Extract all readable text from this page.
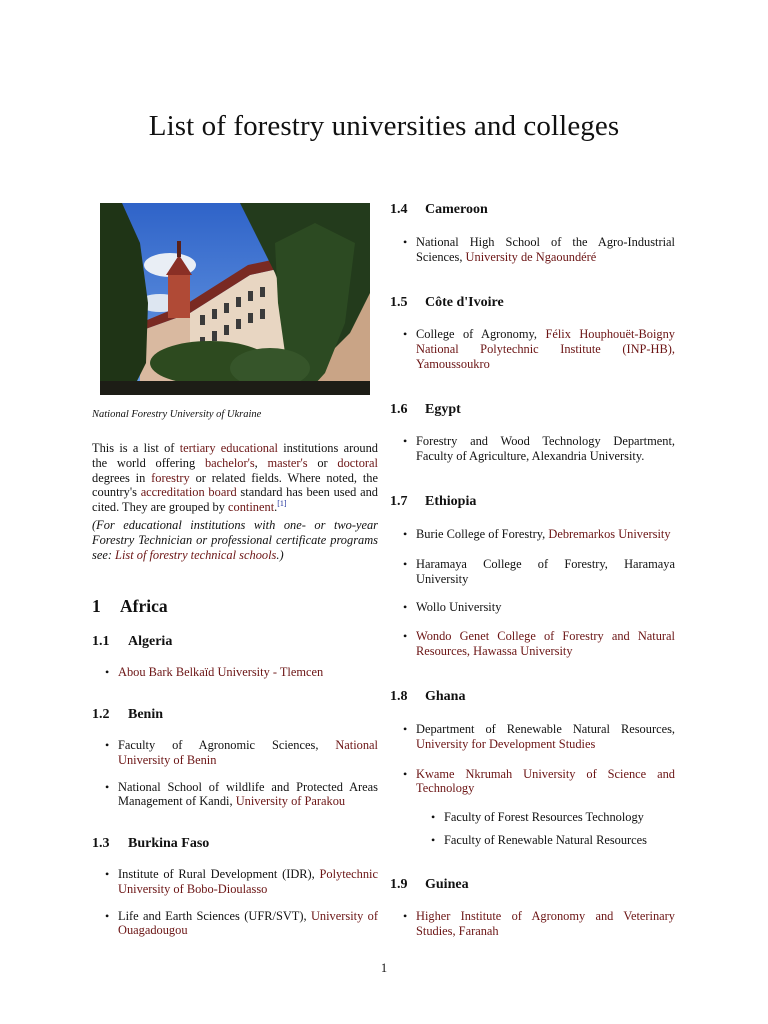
List of forestry universities and colleges
National Forestry University of Ukraine

This is a list of tertiary educational institutions around the world offering bachelor's, master's or doctoral degrees in forestry or related fields. Where noted, the country's accreditation board standard has been used and cited. They are grouped by continent.[1]

(For educational institutions with one- or two-year Forestry Technician or professional certificate programs see: List of forestry technical schools.)

1 Africa
1.1 Algeria
• Abou Bark Belkaïd University - Tlemcen
1.2 Benin
• Faculty of Agronomic Sciences, National University of Benin
• National School of wildlife and Protected Areas Management of Kandi, University of Parakou
1.3 Burkina Faso
• Institute of Rural Development (IDR), Polytechnic University of Bobo-Dioulasso
• Life and Earth Sciences (UFR/SVT), University of Ouagadougou
1.4 Cameroon
• National High School of the Agro-Industrial Sciences, University de Ngaoundéré
1.5 Côte d'Ivoire
• College of Agronomy, Félix Houphouët-Boigny National Polytechnic Institute (INP-HB), Yamoussoukro
1.6 Egypt
• Forestry and Wood Technology Department, Faculty of Agriculture, Alexandria University.
1.7 Ethiopia
• Burie College of Forestry, Debremarkos University
• Haramaya College of Forestry, Haramaya University
• Wollo University
• Wondo Genet College of Forestry and Natural Resources, Hawassa University
1.8 Ghana
• Department of Renewable Natural Resources, University for Development Studies
• Kwame Nkrumah University of Science and Technology
• Faculty of Forest Resources Technology
• Faculty of Renewable Natural Resources
1.9 Guinea
• Higher Institute of Agronomy and Veterinary Studies, Faranah
1
